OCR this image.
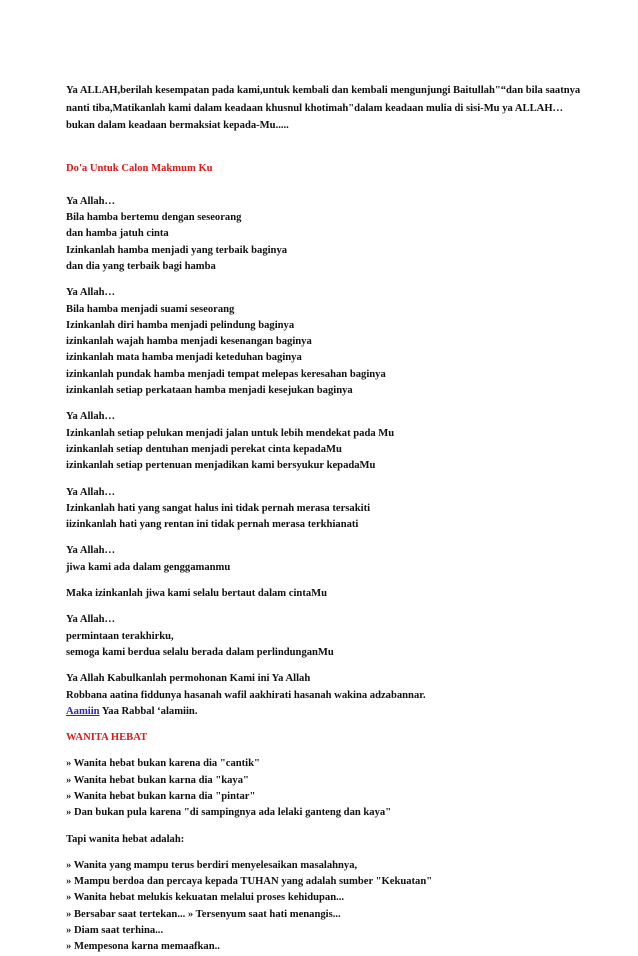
Ya ALLAH,berilah kesempatan pada kami,untuk kembali dan kembali mengunjungi Baitullah"“dan bila saatnya nanti tiba,Matikanlah kami dalam keadaan khusnul khotimah"dalam keadaan mulia di sisi-Mu ya ALLAH…bukan dalam keadaan bermaksiat kepada-Mu.....

Do'a Untuk Calon Makmum Ku

Ya Allah…
Bila hamba bertemu dengan seseorang
dan hamba jatuh cinta
Izinkanlah hamba menjadi yang terbaik baginya
dan dia yang terbaik bagi hamba
Ya Allah…
Bila hamba menjadi suami seseorang
Izinkanlah diri hamba menjadi pelindung baginya
izinkanlah wajah hamba menjadi kesenangan baginya
izinkanlah mata hamba menjadi keteduhan baginya
izinkanlah pundak hamba menjadi tempat melepas keresahan baginya
izinkanlah setiap perkataan hamba menjadi kesejukan baginya
Ya Allah…
Izinkanlah setiap pelukan menjadi jalan untuk lebih mendekat pada Mu
izinkanlah setiap dentuhan menjadi perekat cinta kepadaMu
izinkanlah setiap pertenuan menjadikan kami bersyukur kepadaMu
Ya Allah…
Izinkanlah hati yang sangat halus ini tidak pernah merasa tersakiti
iizinkanlah hati yang rentan ini tidak pernah merasa terkhianati
Ya Allah…
jiwa kami ada dalam genggamanmu
Maka izinkanlah jiwa kami selalu bertaut dalam cintaMu
Ya Allah…
permintaan terakhirku,
semoga kami berdua selalu berada dalam perlindunganMu
Ya Allah Kabulkanlah permohonan Kami ini Ya Allah
Robbana aatina fiddunya hasanah wafil aakhirati hasanah wakina adzabannar.
Aamiin Yaa Rabbal ‘alamiin.

WANITA HEBAT

» Wanita hebat bukan karena dia "cantik"
» Wanita hebat bukan karna dia "kaya"
» Wanita hebat bukan karna dia "pintar"
» Dan bukan pula karena "di sampingnya ada lelaki ganteng dan kaya"
Tapi wanita hebat adalah:
» Wanita yang mampu terus berdiri menyelesaikan masalahnya,
» Mampu berdoa dan percaya kepada TUHAN yang adalah sumber "Kekuatan"
» Wanita hebat melukis kekuatan melalui proses kehidupan...
» Bersabar saat tertekan... » Tersenyum saat hati menangis...
» Diam saat terhina...
» Mempesona karna memaafkan..
